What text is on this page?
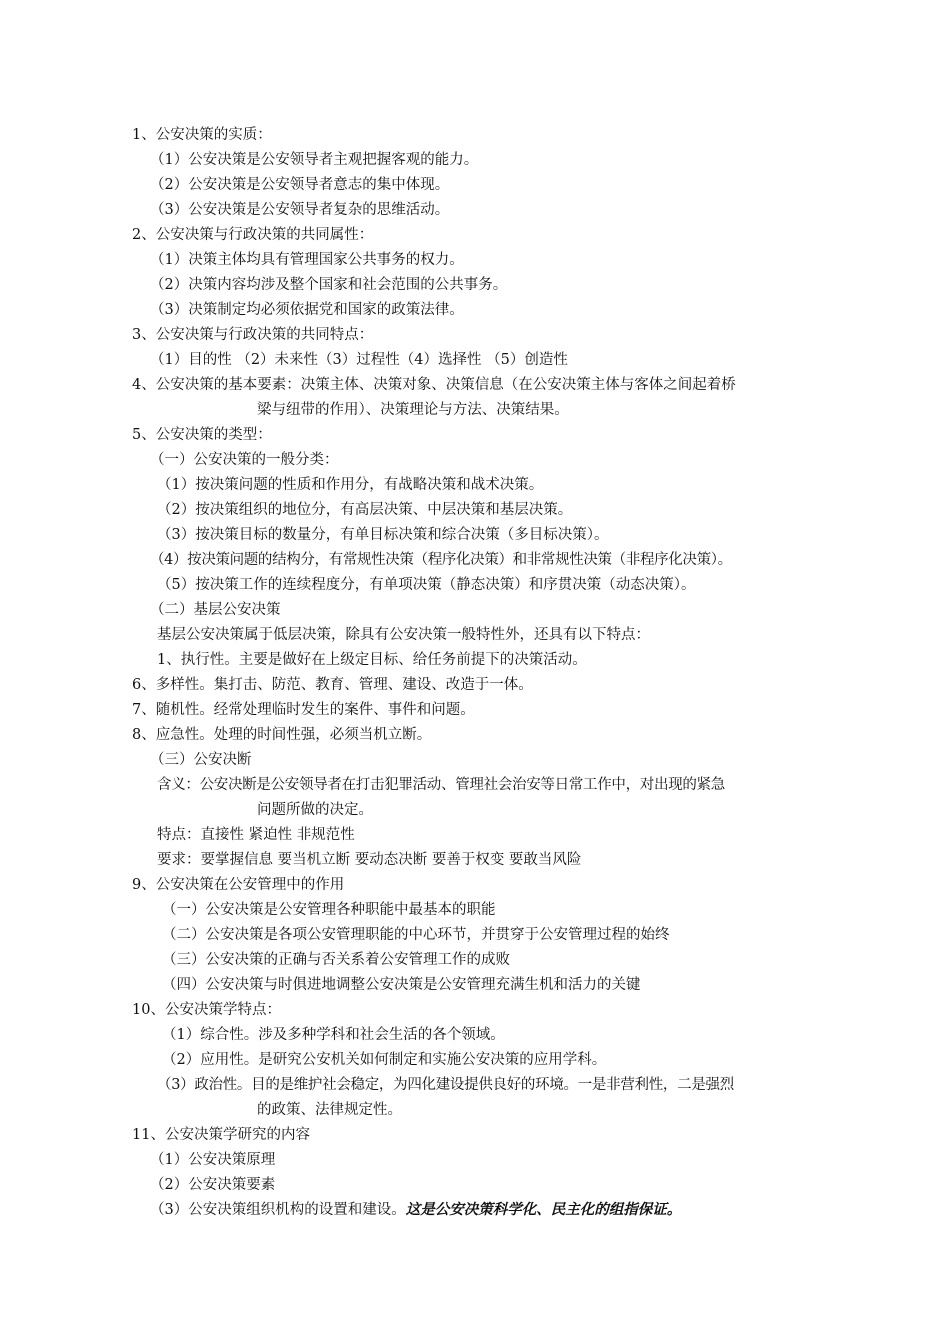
1、公安决策的实质：
（1）公安决策是公安领导者主观把握客观的能力。
（2）公安决策是公安领导者意志的集中体现。
（3）公安决策是公安领导者复杂的思维活动。
2、公安决策与行政决策的共同属性：
（1）决策主体均具有管理国家公共事务的权力。
（2）决策内容均涉及整个国家和社会范围的公共事务。
（3）决策制定均必须依据党和国家的政策法律。
3、公安决策与行政决策的共同特点：
（1）目的性 （2）未来性（3）过程性（4）选择性 （5）创造性
4、公安决策的基本要素：决策主体、决策对象、决策信息（在公安决策主体与客体之间起着桥
梁与纽带的作用）、决策理论与方法、决策结果。
5、公安决策的类型：
（一）公安决策的一般分类：
（1）按决策问题的性质和作用分，有战略决策和战术决策。
（2）按决策组织的地位分，有高层决策、中层决策和基层决策。
（3）按决策目标的数量分，有单目标决策和综合决策（多目标决策）。
（4）按决策问题的结构分，有常规性决策（程序化决策）和非常规性决策（非程序化决策）。
（5）按决策工作的连续程度分，有单项决策（静态决策）和序贯决策（动态决策）。
（二）基层公安决策
基层公安决策属于低层决策，除具有公安决策一般特性外，还具有以下特点：
1、执行性。主要是做好在上级定目标、给任务前提下的决策活动。
6、多样性。集打击、防范、教育、管理、建设、改造于一体。
7、随机性。经常处理临时发生的案件、事件和问题。
8、应急性。处理的时间性强，必须当机立断。
（三）公安决断
含义：公安决断是公安领导者在打击犯罪活动、管理社会治安等日常工作中，对出现的紧急
问题所做的决定。
特点：直接性 紧迫性 非规范性
要求：要掌握信息 要当机立断 要动态决断 要善于权变 要敢当风险
9、公安决策在公安管理中的作用
（一）公安决策是公安管理各种职能中最基本的职能
（二）公安决策是各项公安管理职能的中心环节，并贯穿于公安管理过程的始终
（三）公安决策的正确与否关系着公安管理工作的成败
（四）公安决策与时俱进地调整公安决策是公安管理充满生机和活力的关键
10、公安决策学特点：
（1）综合性。涉及多种学科和社会生活的各个领域。
（2）应用性。是研究公安机关如何制定和实施公安决策的应用学科。
（3）政治性。目的是维护社会稳定，为四化建设提供良好的环境。一是非营利性，二是强烈
的政策、法律规定性。
11、公安决策学研究的内容
（1）公安决策原理
（2）公安决策要素
（3）公安决策组织机构的设置和建设。这是公安决策科学化、民主化的组指保证。
